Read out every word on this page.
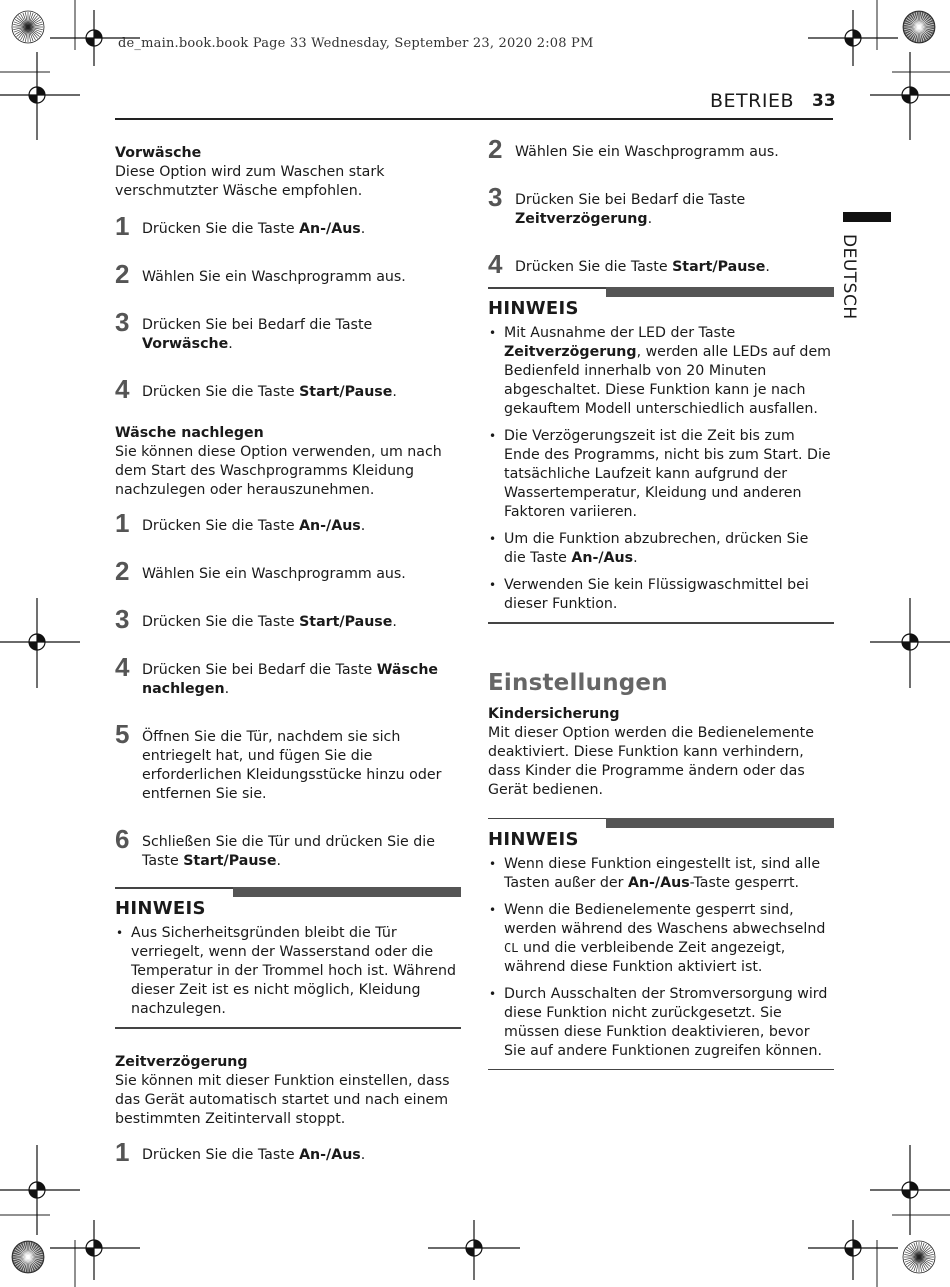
de_main.book.book Page 33 Wednesday, September 23, 2020 2:08 PM
BETRIEB 33
DEUTSCH

Vorwäsche

Diese Option wird zum Waschen stark verschmutzter Wäsche empfohlen.

1 Drücken Sie die Taste An-/Aus.
2 Wählen Sie ein Waschprogramm aus.
3 Drücken Sie bei Bedarf die Taste Vorwäsche.
4 Drücken Sie die Taste Start/Pause.

Wäsche nachlegen

Sie können diese Option verwenden, um nach dem Start des Waschprogramms Kleidung nachzulegen oder herauszunehmen.

1 Drücken Sie die Taste An-/Aus.
2 Wählen Sie ein Waschprogramm aus.
3 Drücken Sie die Taste Start/Pause.
4 Drücken Sie bei Bedarf die Taste Wäsche nachlegen.
5 Öffnen Sie die Tür, nachdem sie sich entriegelt hat, und fügen Sie die erforderlichen Kleidungsstücke hinzu oder entfernen Sie sie.
6 Schließen Sie die Tür und drücken Sie die Taste Start/Pause.
HINWEIS
• Aus Sicherheitsgründen bleibt die Tür verriegelt, wenn der Wasserstand oder die Temperatur in der Trommel hoch ist. Während dieser Zeit ist es nicht möglich, Kleidung nachzulegen.

Zeitverzögerung

Sie können mit dieser Funktion einstellen, dass das Gerät automatisch startet und nach einem bestimmten Zeitintervall stoppt.

1 Drücken Sie die Taste An-/Aus.
2 Wählen Sie ein Waschprogramm aus.
3 Drücken Sie bei Bedarf die Taste Zeitverzögerung.
4 Drücken Sie die Taste Start/Pause.
HINWEIS
• Mit Ausnahme der LED der Taste Zeitverzögerung, werden alle LEDs auf dem Bedienfeld innerhalb von 20 Minuten abgeschaltet. Diese Funktion kann je nach gekauftem Modell unterschiedlich ausfallen.
• Die Verzögerungszeit ist die Zeit bis zum Ende des Programms, nicht bis zum Start. Die tatsächliche Laufzeit kann aufgrund der Wassertemperatur, Kleidung und anderen Faktoren variieren.
• Um die Funktion abzubrechen, drücken Sie die Taste An-/Aus.
• Verwenden Sie kein Flüssigwaschmittel bei dieser Funktion.
Einstellungen

Kindersicherung

Mit dieser Option werden die Bedienelemente deaktiviert. Diese Funktion kann verhindern, dass Kinder die Programme ändern oder das Gerät bedienen.

HINWEIS
• Wenn diese Funktion eingestellt ist, sind alle Tasten außer der An-/Aus-Taste gesperrt.
• Wenn die Bedienelemente gesperrt sind, werden während des Waschens abwechselnd CL und die verbleibende Zeit angezeigt, während diese Funktion aktiviert ist.
• Durch Ausschalten der Stromversorgung wird diese Funktion nicht zurückgesetzt. Sie müssen diese Funktion deaktivieren, bevor Sie auf andere Funktionen zugreifen können.
